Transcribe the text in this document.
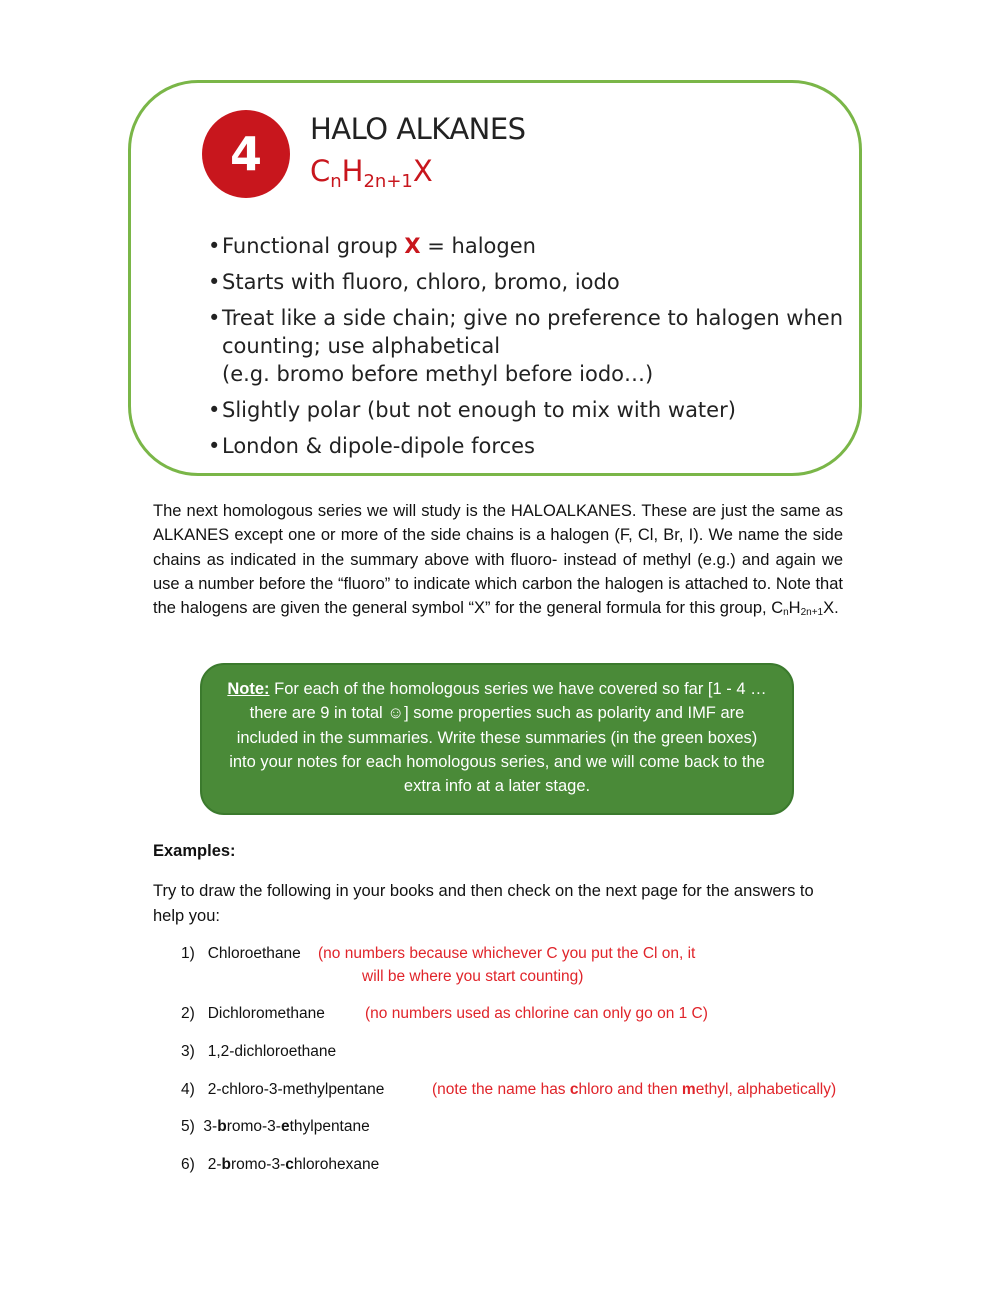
4	HALO ALKANES
$C_nH_{2n+1}X$
• Functional group X = halogen
• Starts with fluoro, chloro, bromo, iodo
• Treat like a side chain; give no preference to halogen when
counting; use alphabetical
(e.g. bromo before methyl before iodo…)
• Slightly polar (but not enough to mix with water)
• London & dipole-dipole forces

The next homologous series we will study is the HALOALKANES. These are just the same as ALKANES except one or more of the side chains is a halogen (F, Cl, Br, I). We name the side chains as indicated in the summary above with fluoro- instead of methyl (e.g.) and again we use a number before the “fluoro” to indicate which carbon the halogen is attached to. Note that the halogens are given the general symbol “X” for the general formula for this group, $C_nH_{2n+1}X$.

Note: For each of the homologous series we have covered so far [1 - 4 … there are 9 in total ☺] some properties such as polarity and IMF are included in the summaries. Write these summaries (in the green boxes) into your notes for each homologous series, and we will come back to the extra info at a later stage.
Examples:

Try to draw the following in your books and then check on the next page for the answers to help you:

1) Chloroethane (no numbers because whichever C you put the Cl on, it
will be where you start counting)
2) Dichloromethane	(no numbers used as chlorine can only go on 1 C)
3) 1,2-dichloroethane
4) 2-chloro-3-methylpentane	(note the name has chloro and then methyl, alphabetically)
5) 3-bromo-3-ethylpentane
6) 2-bromo-3-chlorohexane
